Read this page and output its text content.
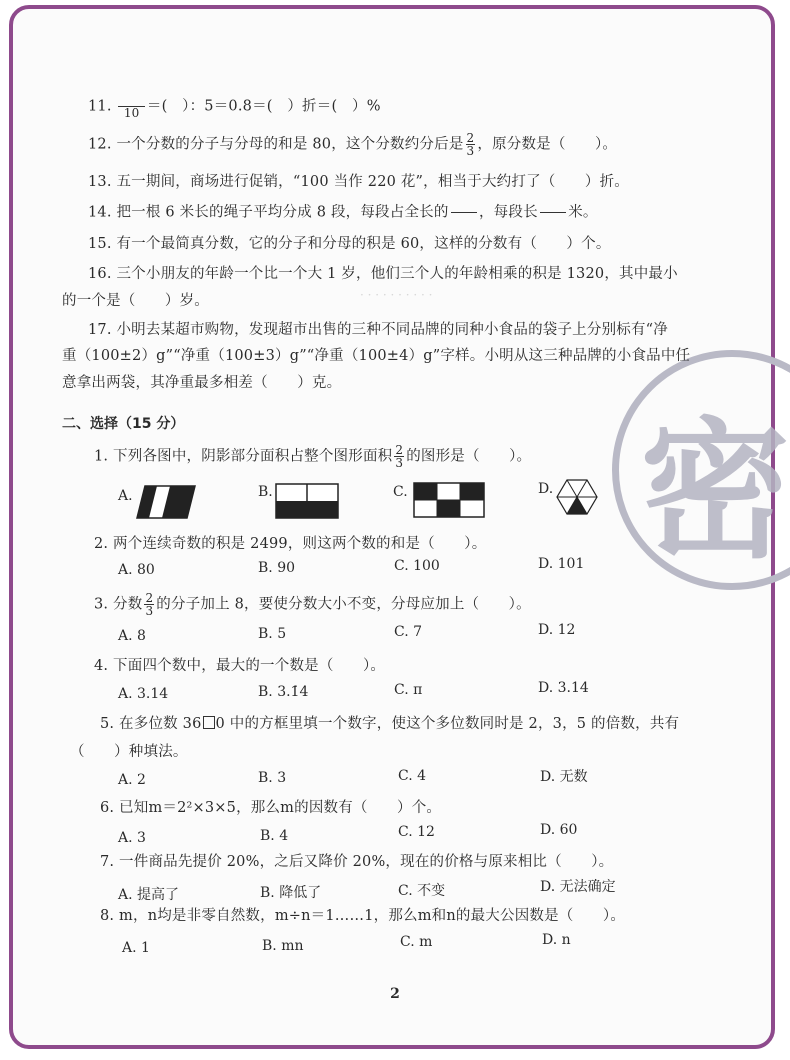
· · · · · · · · · ·
密
11.
  	10 ＝(  ）：5＝0.8＝(  ）折＝(  ）%
12. 一个分数的分子与分母的和是 80，这个分数约分后是 $\frac{2}{3}$ ，原分数是（　　）。
13. 五一期间，商场进行促销，“100 当作 220 花”，相当于大约打了（　　）折。
14. 把一根 6 米长的绳子平均分成 8 段，每段占全长的

  ，每段长

  米。
15. 有一个最简真分数，它的分子和分母的积是 60，这样的分数有（　　）个。
16. 三个小朋友的年龄一个比一个大 1 岁，他们三个人的年龄相乘的积是 1320，其中最小
的一个是（　　）岁。
17. 小明去某超市购物，发现超市出售的三种不同品牌的同种小食品的袋子上分别标有“净
重（100±2）g”“净重（100±3）g”“净重（100±4）g”字样。小明从这三种品牌的小食品中任
意拿出两袋，其净重最多相差（　　）克。
二、选择（15 分）
1. 下列各图中，阴影部分面积占整个图形面积 $\frac{2}{3}$ 的图形是（　　）。
A.	B.	C.	D.
2. 两个连续奇数的积是 2499，则这两个数的和是（　　）。
A. 80	B. 90	C. 100	D. 101
3. 分数 $\frac{2}{3}$ 的分子加上 8，要使分数大小不变，分母应加上（　　）。
A. 8	B. 5	C. 7	D. 12
4. 下面四个数中，最大的一个数是（　　）。
A. 3.14̇	B. 3.1̇4̇	C. π	D. 3.14
5. 在多位数 36 0 中的方框里填一个数字，使这个多位数同时是 2，3，5 的倍数，共有
（　　）种填法。
A. 2	B. 3	C. 4	D. 无数
6. 已知m＝2²×3×5，那么m的因数有（　　）个。
A. 3	B. 4	C. 12	D. 60
7. 一件商品先提价 20%，之后又降价 20%，现在的价格与原来相比（　　）。
A. 提高了	B. 降低了	C. 不变	D. 无法确定
8. m，n均是非零自然数，m÷n＝1……1，那么m和n的最大公因数是（　　）。
A. 1	B. mn	C. m	D. n
2
